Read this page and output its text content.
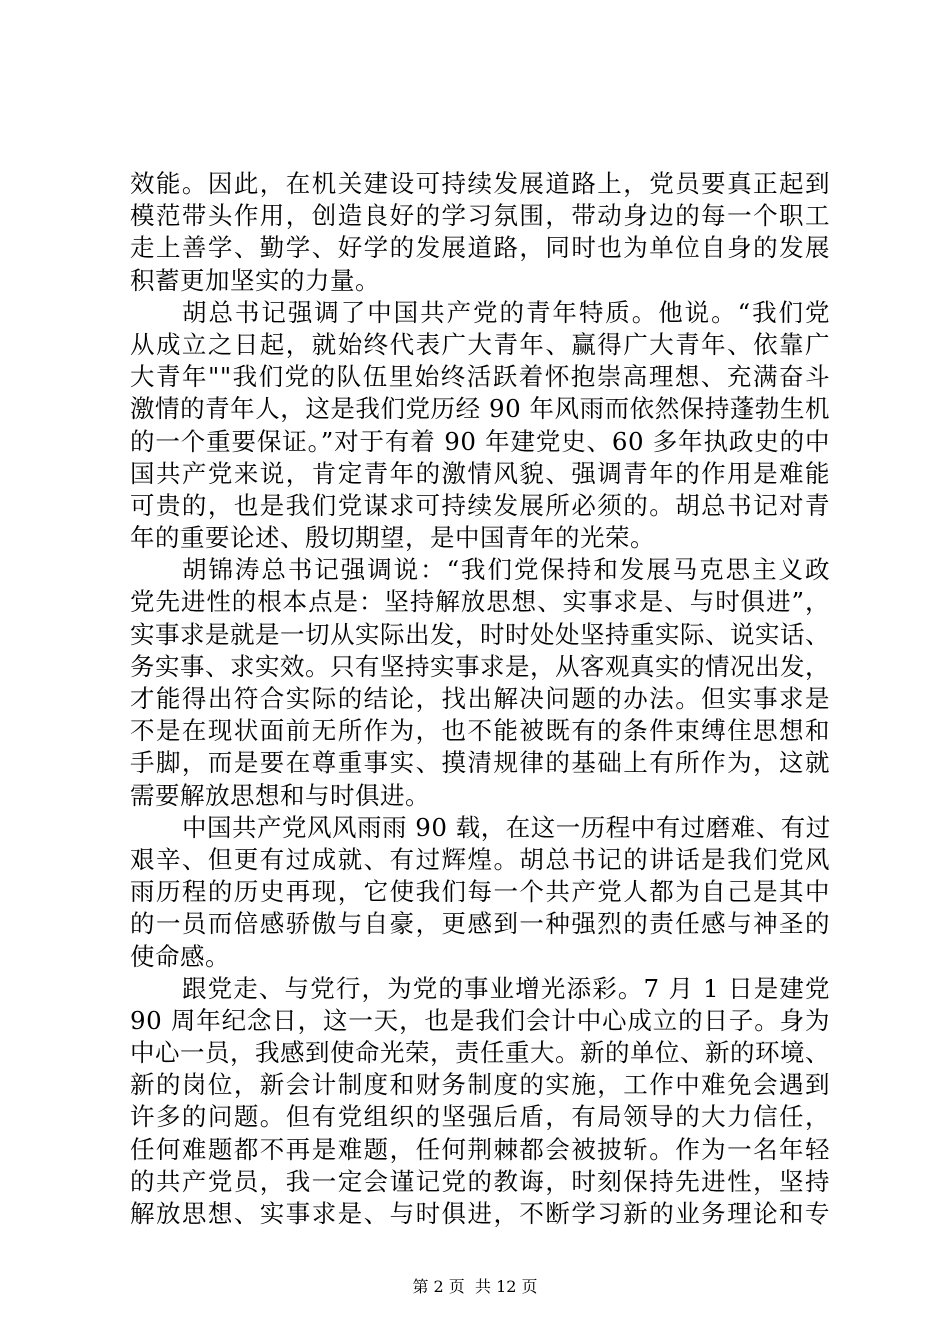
效能。因此，在机关建设可持续发展道路上，党员要真正起到
模范带头作用，创造良好的学习氛围，带动身边的每一个职工
走上善学、勤学、好学的发展道路，同时也为单位自身的发展
积蓄更加坚实的力量。
胡总书记强调了中国共产党的青年特质。他说。“我们党
从成立之日起，就始终代表广大青年、赢得广大青年、依靠广
大青年""我们党的队伍里始终活跃着怀抱崇高理想、充满奋斗
激情的青年人，这是我们党历经 90 年风雨而依然保持蓬勃生机
的一个重要保证。”对于有着 90 年建党史、60 多年执政史的中
国共产党来说，肯定青年的激情风貌、强调青年的作用是难能
可贵的，也是我们党谋求可持续发展所必须的。胡总书记对青
年的重要论述、殷切期望，是中国青年的光荣。
胡锦涛总书记强调说：“我们党保持和发展马克思主义政
党先进性的根本点是：坚持解放思想、实事求是、与时俱进”，
实事求是就是一切从实际出发，时时处处坚持重实际、说实话、
务实事、求实效。只有坚持实事求是，从客观真实的情况出发，
才能得出符合实际的结论，找出解决问题的办法。但实事求是
不是在现状面前无所作为，也不能被既有的条件束缚住思想和
手脚，而是要在尊重事实、摸清规律的基础上有所作为，这就
需要解放思想和与时俱进。
中国共产党风风雨雨 90 载，在这一历程中有过磨难、有过
艰辛、但更有过成就、有过辉煌。胡总书记的讲话是我们党风
雨历程的历史再现，它使我们每一个共产党人都为自己是其中
的一员而倍感骄傲与自豪，更感到一种强烈的责任感与神圣的
使命感。
跟党走、与党行，为党的事业增光添彩。7 月 1 日是建党
90 周年纪念日，这一天，也是我们会计中心成立的日子。身为
中心一员，我感到使命光荣，责任重大。新的单位、新的环境、
新的岗位，新会计制度和财务制度的实施，工作中难免会遇到
许多的问题。但有党组织的坚强后盾，有局领导的大力信任，
任何难题都不再是难题，任何荆棘都会被披斩。作为一名年轻
的共产党员，我一定会谨记党的教诲，时刻保持先进性，坚持
解放思想、实事求是、与时俱进，不断学习新的业务理论和专
第 2 页 共 12 页
